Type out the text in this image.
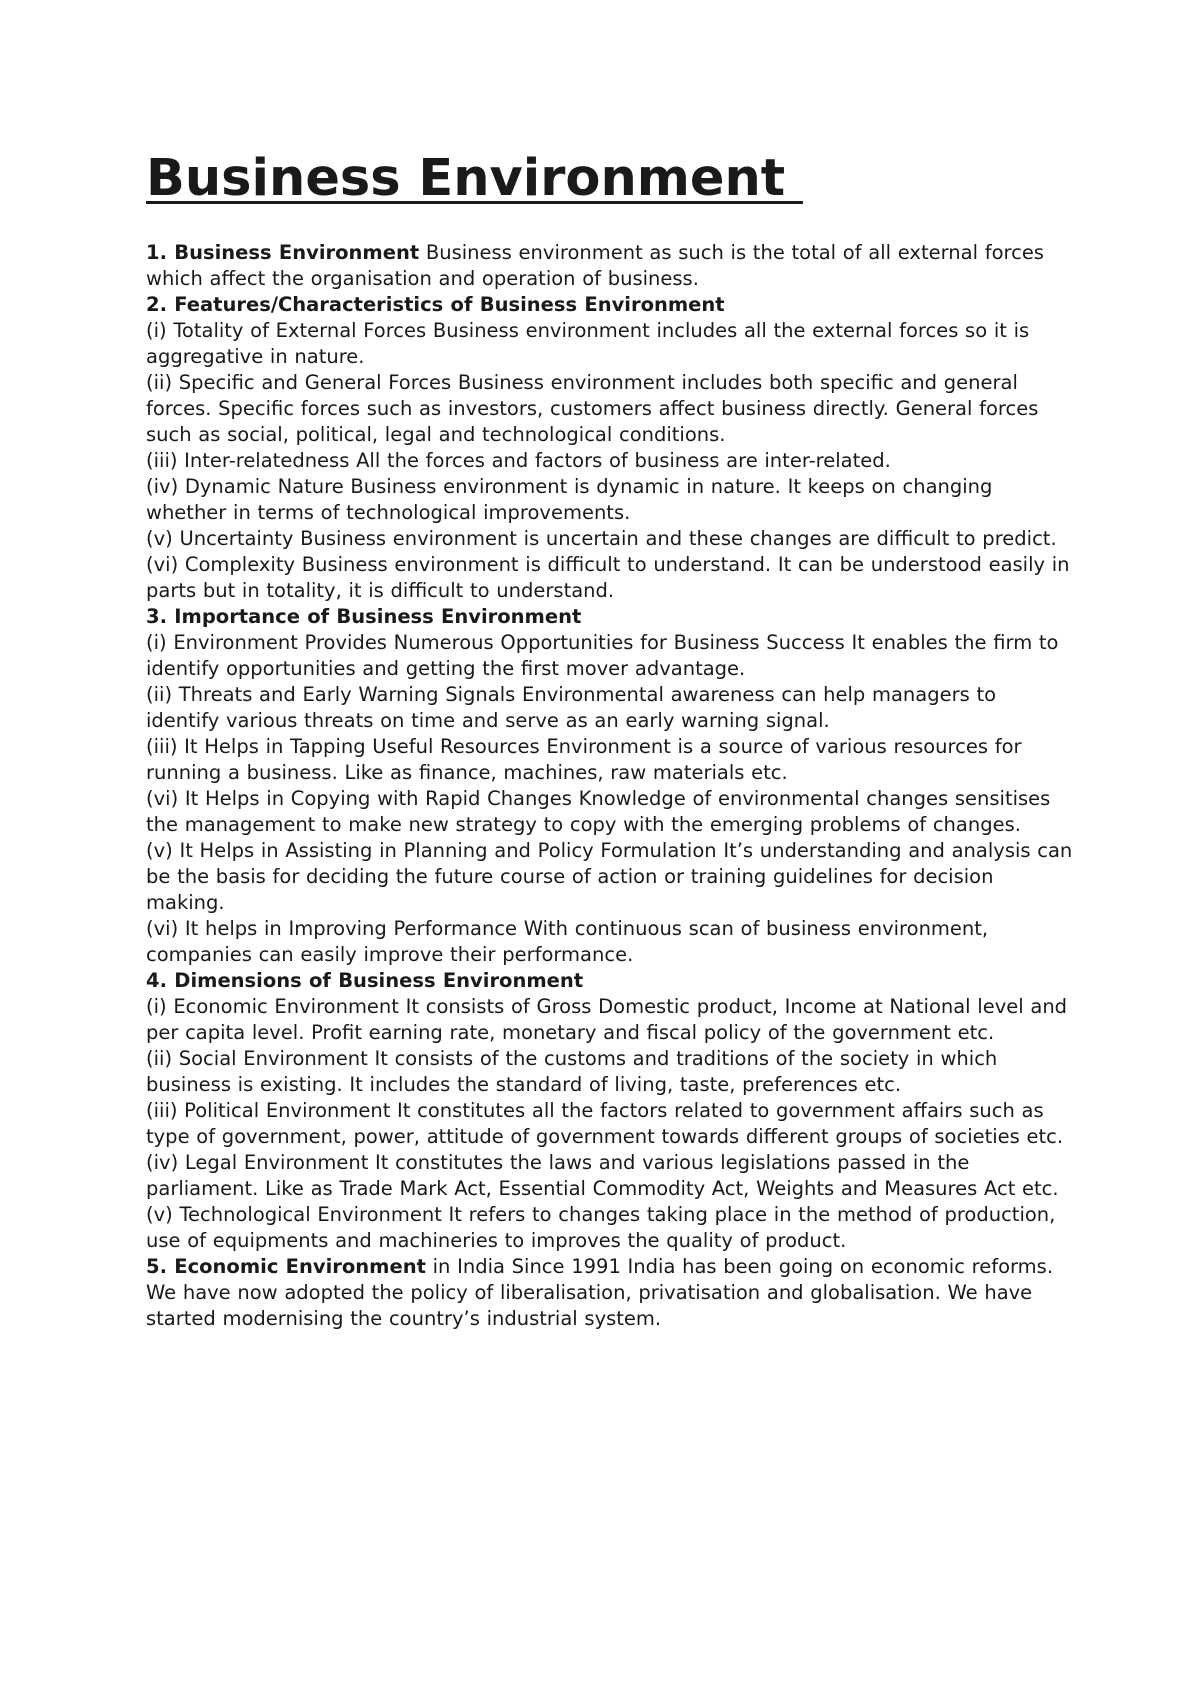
Business Environment

1. Business Environment Business environment as such is the total of all external forces which affect the organisation and operation of business.

2. Features/Characteristics of Business Environment

(i) Totality of External Forces Business environment includes all the external forces so it is aggregative in nature.

(ii) Specific and General Forces Business environment includes both specific and general forces. Specific forces such as investors, customers affect business directly. General forces such as social, political, legal and technological conditions.

(iii) Inter-relatedness All the forces and factors of business are inter-related.

(iv) Dynamic Nature Business environment is dynamic in nature. It keeps on changing whether in terms of technological improvements.

(v) Uncertainty Business environment is uncertain and these changes are difficult to predict.

(vi) Complexity Business environment is difficult to understand. It can be understood easily in parts but in totality, it is difficult to understand.

3. Importance of Business Environment

(i) Environment Provides Numerous Opportunities for Business Success It enables the firm to identify opportunities and getting the first mover advantage.

(ii) Threats and Early Warning Signals Environmental awareness can help managers to identify various threats on time and serve as an early warning signal.

(iii) It Helps in Tapping Useful Resources Environment is a source of various resources for running a business. Like as finance, machines, raw materials etc.

(vi) It Helps in Copying with Rapid Changes Knowledge of environmental changes sensitises the management to make new strategy to copy with the emerging problems of changes.

(v) It Helps in Assisting in Planning and Policy Formulation It’s understanding and analysis can be the basis for deciding the future course of action or training guidelines for decision making.

(vi) It helps in Improving Performance With continuous scan of business environment, companies can easily improve their performance.

4. Dimensions of Business Environment

(i) Economic Environment It consists of Gross Domestic product, Income at National level and per capita level. Profit earning rate, monetary and fiscal policy of the government etc.

(ii) Social Environment It consists of the customs and traditions of the society in which business is existing. It includes the standard of living, taste, preferences etc.

(iii) Political Environment It constitutes all the factors related to government affairs such as type of government, power, attitude of government towards different groups of societies etc.

(iv) Legal Environment It constitutes the laws and various legislations passed in the parliament. Like as Trade Mark Act, Essential Commodity Act, Weights and Measures Act etc.

(v) Technological Environment It refers to changes taking place in the method of production, use of equipments and machineries to improves the quality of product.

5. Economic Environment in India Since 1991 India has been going on economic reforms. We have now adopted the policy of liberalisation, privatisation and globalisation. We have started modernising the country’s industrial system.
